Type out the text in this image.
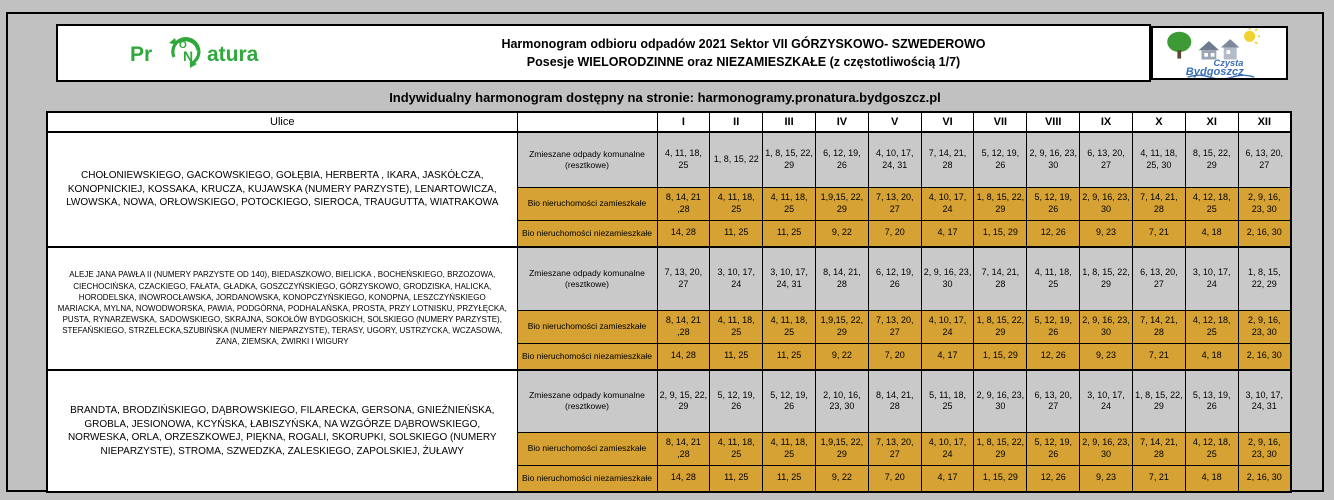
Pr	O
N atura	Harmonogram odbioru odpadów 2021 Sektor VII GÓRZYSKOWO- SZWEDEROWO
Posesje WIELORODZINNE oraz NIEZAMIESZKAŁE (z częstotliwością 1/7)	Czysta
Bydgoszcz
Indywidualny harmonogram dostępny na stronie: harmonogramy.pronatura.bydgoszcz.pl
Ulice		I	II	III	IV	V	VI	VII	VIII	IX	X	XI	XII
CHOŁONIEWSKIEGO, GACKOWSKIEGO, GOŁĘBIA, HERBERTA , IKARA, JASKÓŁCZA, KONOPNICKIEJ, KOSSAKA, KRUCZA, KUJAWSKA (NUMERY PARZYSTE), LENARTOWICZA, LWOWSKA, NOWA, ORŁOWSKIEGO, POTOCKIEGO, SIEROCA, TRAUGUTTA, WIATRAKOWA	Zmieszane odpady komunalne (resztkowe)	4, 11, 18, 25	1, 8, 15, 22	1, 8, 15, 22, 29	6, 12, 19, 26	4, 10, 17, 24, 31	7, 14, 21, 28	5, 12, 19, 26	2, 9, 16, 23, 30	6, 13, 20, 27	4, 11, 18, 25, 30	8, 15, 22, 29	6, 13, 20, 27
	Bio nieruchomości zamieszkałe	8, 14, 21 ,28	4, 11, 18, 25	4, 11, 18, 25	1,9,15, 22, 29	7, 13, 20, 27	4, 10, 17, 24	1, 8, 15, 22, 29	5, 12, 19, 26	2, 9, 16, 23, 30	7, 14, 21, 28	4, 12, 18, 25	2, 9, 16, 23, 30
	Bio nieruchomości niezamieszkałe	14, 28	11, 25	11, 25	9, 22	7, 20	4, 17	1, 15, 29	12, 26	9, 23	7, 21	4, 18	2, 16, 30
ALEJE JANA PAWŁA II (NUMERY PARZYSTE OD 140), BIEDASZKOWO, BIELICKA , BOCHEŃSKIEGO, BRZOZOWA, CIECHOCIŃSKA, CZACKIEGO, FAŁATA, GŁADKA, GOSZCZYŃSKIEGO, GÓRZYSKOWO, GRODZISKA, HALICKA, HORODELSKA, INOWROCŁAWSKA, JORDANOWSKA, KONOPCZYŃSKIEGO, KONOPNA, LESZCZYŃSKIEGO MARIACKA, MYLNA, NOWODWORSKA, PAWIA, PODGÓRNA, PODHALAŃSKA, PROSTA, PRZY LOTNISKU, PRZYŁĘCKA, PUSTA, RYNARZEWSKA, SADOWSKIEGO, SKRAJNA, SOKOŁÓW BYDGOSKICH, SOLSKIEGO (NUMERY PARZYSTE), STEFAŃSKIEGO, STRZELECKA,SZUBIŃSKA (NUMERY NIEPARZYSTE), TERASY, UGORY, USTRZYCKA, WCZASOWA, ZANA, ZIEMSKA, ŻWIRKI I WIGURY	Zmieszane odpady komunalne (resztkowe)	7, 13, 20, 27	3, 10, 17, 24	3, 10, 17, 24, 31	8, 14, 21, 28	6, 12, 19, 26	2, 9, 16, 23, 30	7, 14, 21, 28	4, 11, 18, 25	1, 8, 15, 22, 29	6, 13, 20, 27	3, 10, 17, 24	1, 8, 15, 22, 29
	Bio nieruchomości zamieszkałe	8, 14, 21 ,28	4, 11, 18, 25	4, 11, 18, 25	1,9,15, 22, 29	7, 13, 20, 27	4, 10, 17, 24	1, 8, 15, 22, 29	5, 12, 19, 26	2, 9, 16, 23, 30	7, 14, 21, 28	4, 12, 18, 25	2, 9, 16, 23, 30
	Bio nieruchomości niezamieszkałe	14, 28	11, 25	11, 25	9, 22	7, 20	4, 17	1, 15, 29	12, 26	9, 23	7, 21	4, 18	2, 16, 30
BRANDTA, BRODZIŃSKIEGO, DĄBROWSKIEGO, FILARECKA, GERSONA, GNIEŹNIEŃSKA, GROBLA, JESIONOWA, KCYŃSKA, ŁABISZYŃSKA, NA WZGÓRZE DĄBROWSKIEGO, NORWESKA, ORLA, ORZESZKOWEJ, PIĘKNA, ROGALI, SKORUPKI, SOLSKIEGO (NUMERY NIEPARZYSTE), STROMA, SZWEDZKA, ZALESKIEGO, ZAPOLSKIEJ, ŻUŁAWY	Zmieszane odpady komunalne (resztkowe)	2, 9, 15, 22, 29	5, 12, 19, 26	5, 12, 19, 26	2, 10, 16, 23, 30	8, 14, 21, 28	5, 11, 18, 25	2, 9, 16, 23, 30	6, 13, 20, 27	3, 10, 17, 24	1, 8, 15, 22, 29	5, 13, 19, 26	3, 10, 17, 24, 31
	Bio nieruchomości zamieszkałe	8, 14, 21 ,28	4, 11, 18, 25	4, 11, 18, 25	1,9,15, 22, 29	7, 13, 20, 27	4, 10, 17, 24	1, 8, 15, 22, 29	5, 12, 19, 26	2, 9, 16, 23, 30	7, 14, 21, 28	4, 12, 18, 25	2, 9, 16, 23, 30
	Bio nieruchomości niezamieszkałe	14, 28	11, 25	11, 25	9, 22	7, 20	4, 17	1, 15, 29	12, 26	9, 23	7, 21	4, 18	2, 16, 30
